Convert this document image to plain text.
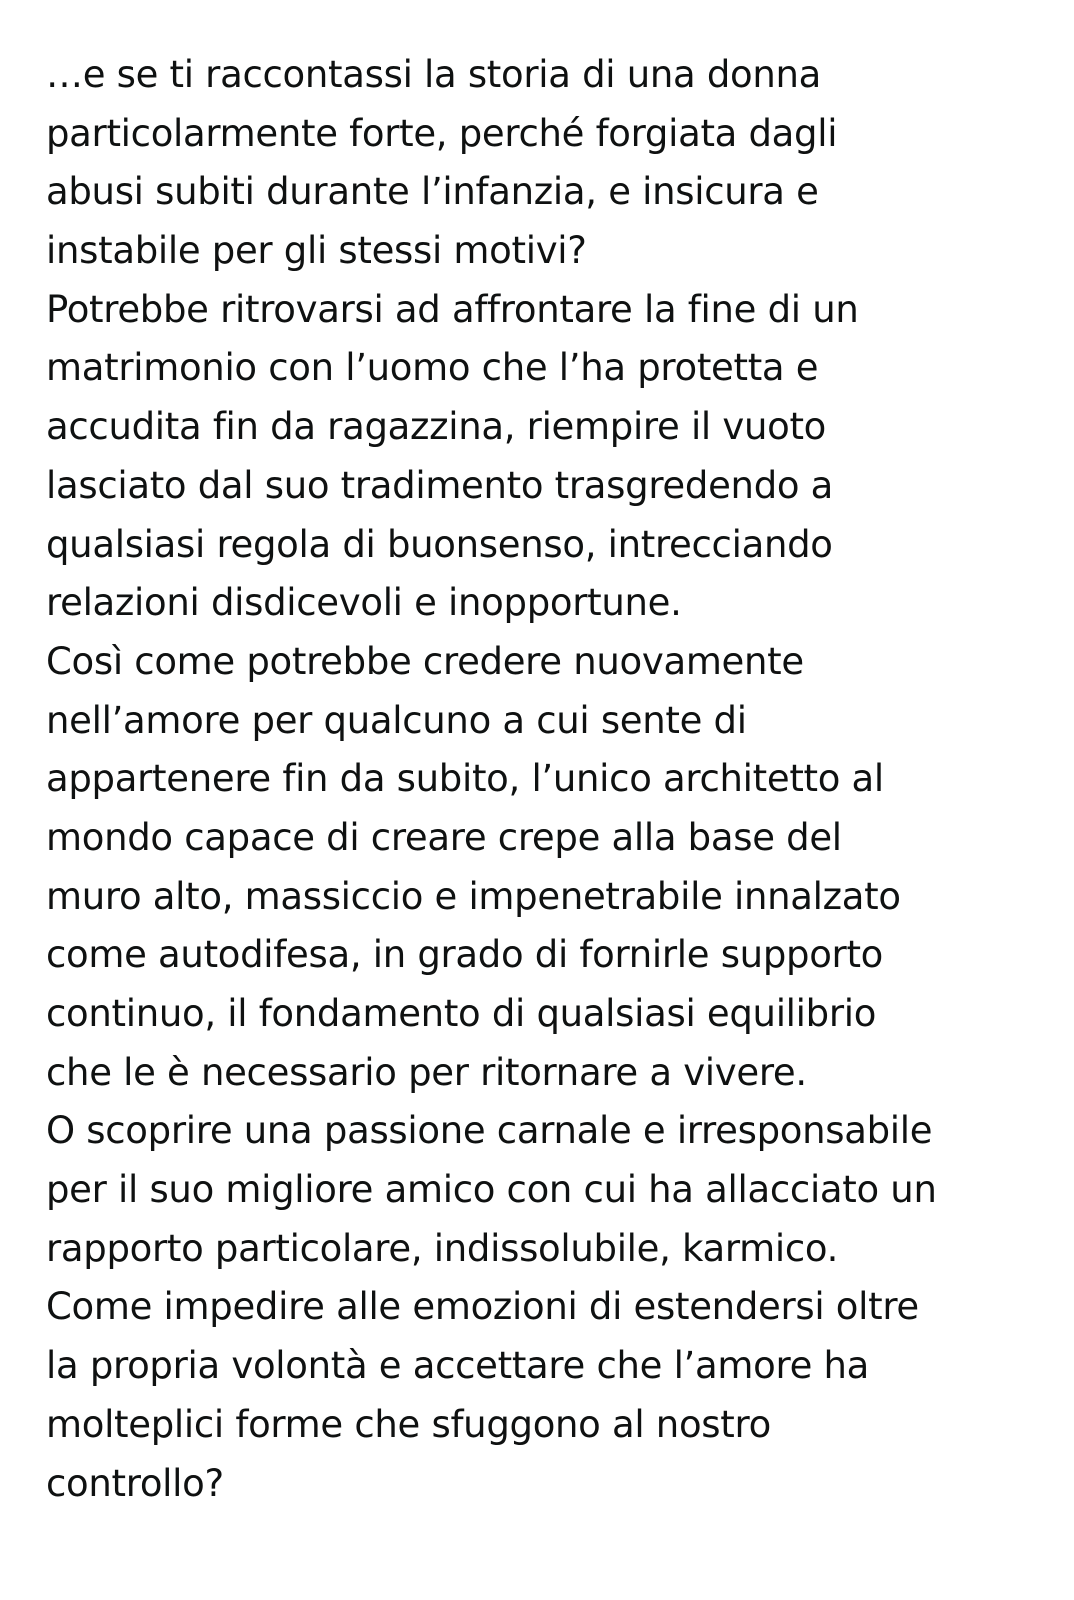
…e se ti raccontassi la storia di una donna
particolarmente forte, perché forgiata dagli
abusi subiti durante l’infanzia, e insicura e
instabile per gli stessi motivi?
Potrebbe ritrovarsi ad affrontare la fine di un
matrimonio con l’uomo che l’ha protetta e
accudita fin da ragazzina, riempire il vuoto
lasciato dal suo tradimento trasgredendo a
qualsiasi regola di buonsenso, intrecciando
relazioni disdicevoli e inopportune.
Così come potrebbe credere nuovamente
nell’amore per qualcuno a cui sente di
appartenere fin da subito, l’unico architetto al
mondo capace di creare crepe alla base del
muro alto, massiccio e impenetrabile innalzato
come autodifesa, in grado di fornirle supporto
continuo, il fondamento di qualsiasi equilibrio
che le è necessario per ritornare a vivere.
O scoprire una passione carnale e irresponsabile
per il suo migliore amico con cui ha allacciato un
rapporto particolare, indissolubile, karmico.
Come impedire alle emozioni di estendersi oltre
la propria volontà e accettare che l’amore ha
molteplici forme che sfuggono al nostro
controllo?
